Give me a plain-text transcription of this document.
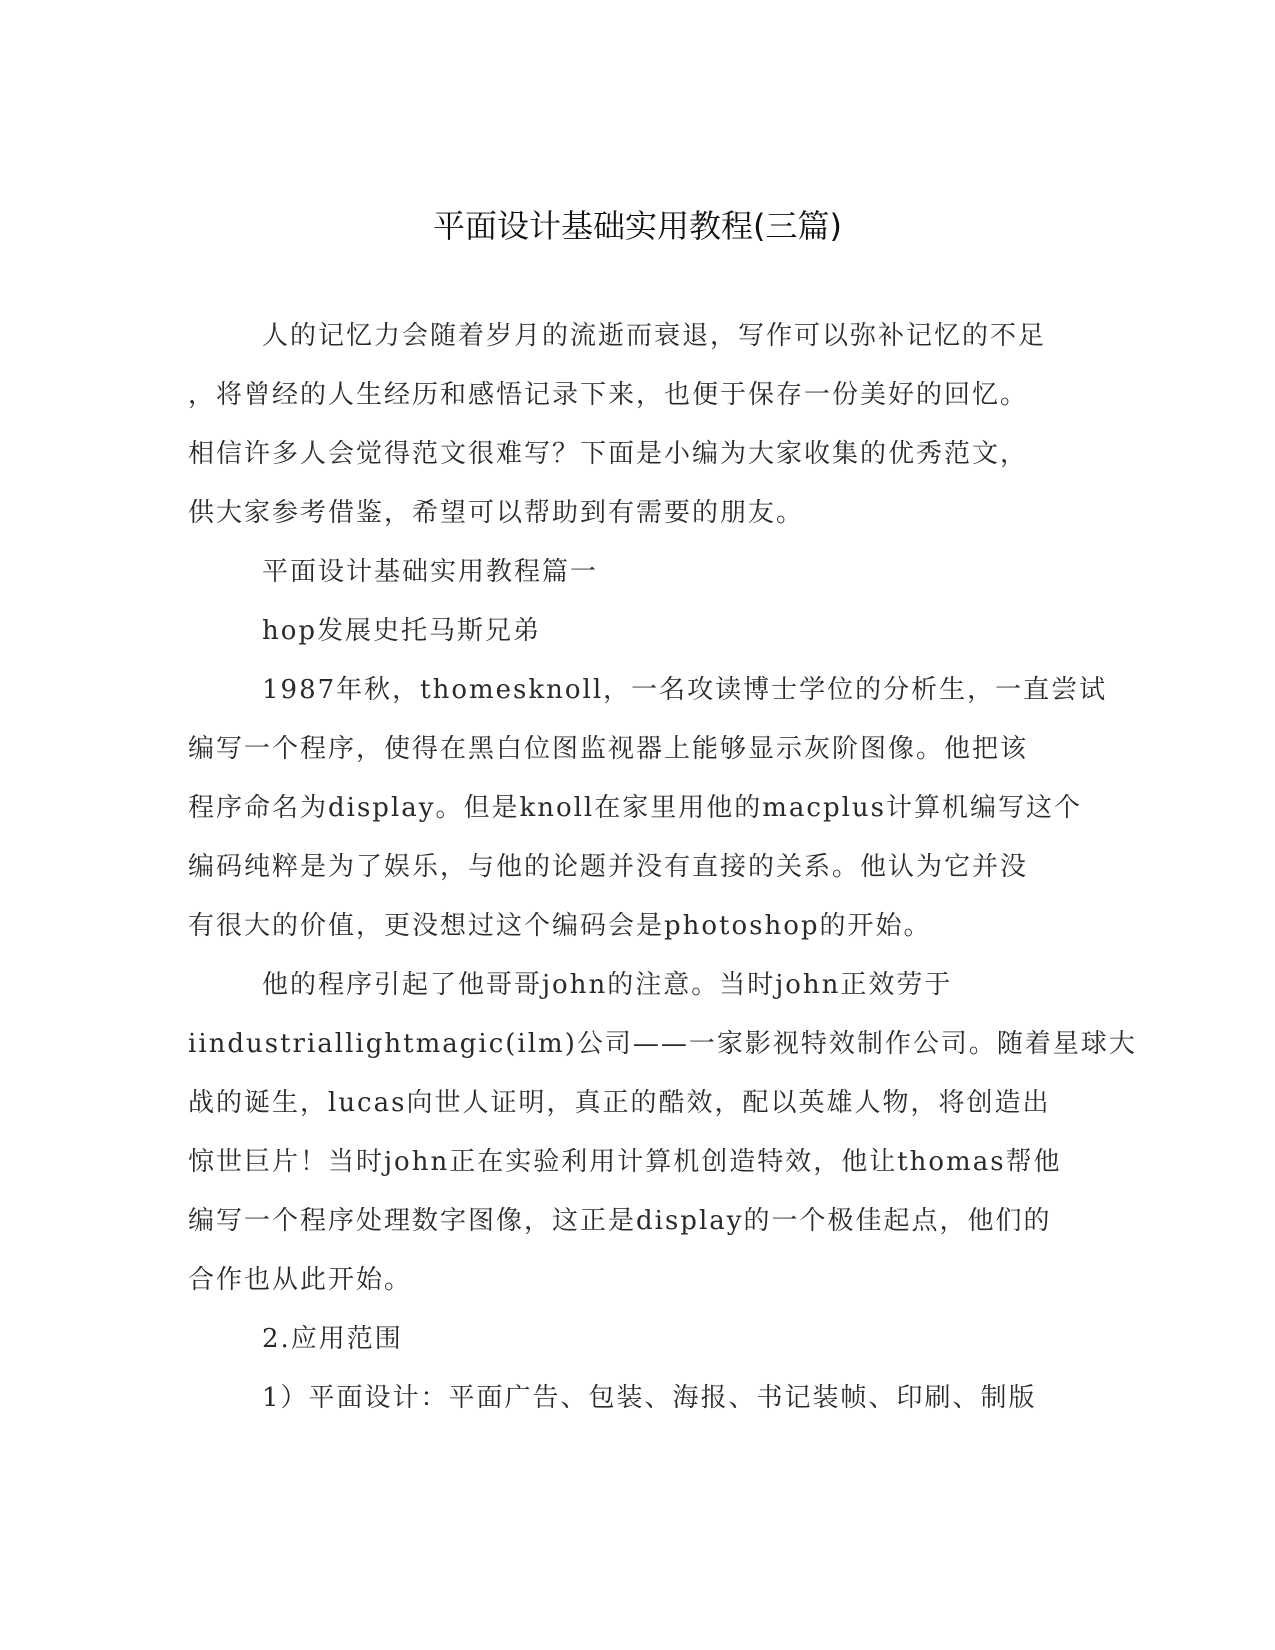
平面设计基础实用教程(三篇)
人的记忆力会随着岁月的流逝而衰退，写作可以弥补记忆的不足
，将曾经的人生经历和感悟记录下来，也便于保存一份美好的回忆。
相信许多人会觉得范文很难写？下面是小编为大家收集的优秀范文，
供大家参考借鉴，希望可以帮助到有需要的朋友。
平面设计基础实用教程篇一
hop发展史托马斯兄弟
1987年秋，thomesknoll，一名攻读博士学位的分析生，一直尝试
编写一个程序，使得在黑白位图监视器上能够显示灰阶图像。他把该
程序命名为display。但是knoll在家里用他的macplus计算机编写这个
编码纯粹是为了娱乐，与他的论题并没有直接的关系。他认为它并没
有很大的价值，更没想过这个编码会是photoshop的开始。
他的程序引起了他哥哥john的注意。当时john正效劳于
iindustriallightmagic(ilm)公司——一家影视特效制作公司。随着星球大
战的诞生，lucas向世人证明，真正的酷效，配以英雄人物，将创造出
惊世巨片！当时john正在实验利用计算机创造特效，他让thomas帮他
编写一个程序处理数字图像，这正是display的一个极佳起点，他们的
合作也从此开始。
2.应用范围
1）平面设计：平面广告、包装、海报、书记装帧、印刷、制版
